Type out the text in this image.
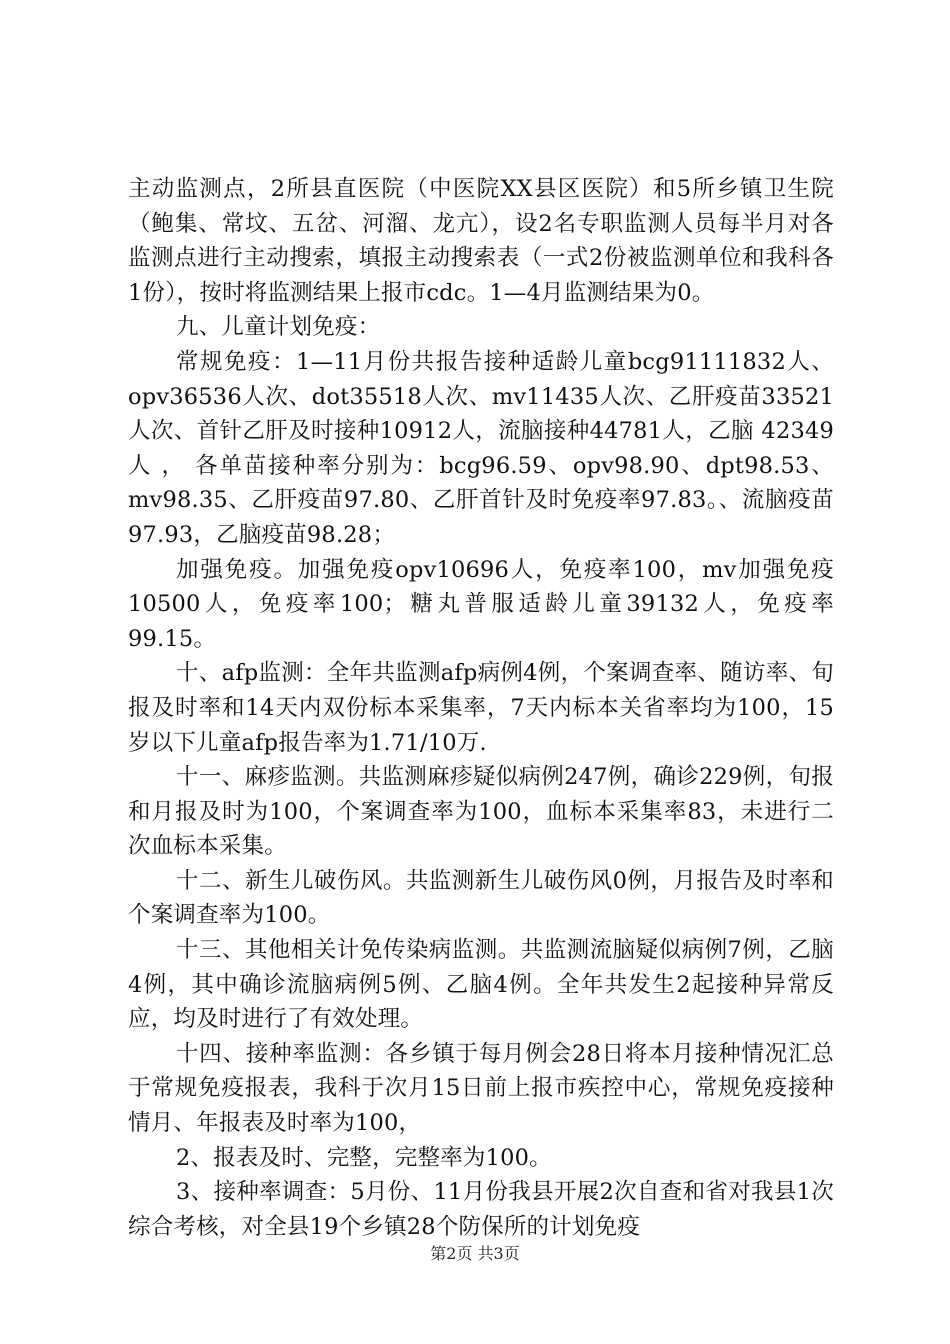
主动监测点，2所县直医院（中医院XX县区医院）和5所乡镇卫生院（鲍集、常坟、五岔、河溜、龙亢），设2名专职监测人员每半月对各监测点进行主动搜索，填报主动搜索表（一式2份被监测单位和我科各1份），按时将监测结果上报市cdc。1—4月监测结果为0。

九、儿童计划免疫：

常规免疫：1—11月份共报告接种适龄儿童bcg91111832人、opv36536人次、dot35518人次、mv11435人次、乙肝疫苗33521人次、首针乙肝及时接种10912人，流脑接种44781人，乙脑 42349 人 ， 各单苗接种率分别为：bcg96.59、opv98.90、dpt98.53、mv98.35、乙肝疫苗97.80、乙肝首针及时免疫率97.83。、流脑疫苗97.93，乙脑疫苗98.28；

加强免疫。加强免疫opv10696人，免疫率100，mv加强免疫10500人，免疫率100；糖丸普服适龄儿童39132人，免疫率99.15。

十、afp监测：全年共监测afp病例4例，个案调查率、随访率、旬报及时率和14天内双份标本采集率，7天内标本关省率均为100，15岁以下儿童afp报告率为1.71/10万.

十一、麻疹监测。共监测麻疹疑似病例247例，确诊229例，旬报和月报及时为100，个案调查率为100，血标本采集率83，未进行二次血标本采集。

十二、新生儿破伤风。共监测新生儿破伤风0例，月报告及时率和个案调查率为100。

十三、其他相关计免传染病监测。共监测流脑疑似病例7例，乙脑4例，其中确诊流脑病例5例、乙脑4例。全年共发生2起接种异常反应，均及时进行了有效处理。

十四、接种率监测：各乡镇于每月例会28日将本月接种情况汇总于常规免疫报表，我科于次月15日前上报市疾控中心，常规免疫接种情月、年报表及时率为100，

2、报表及时、完整，完整率为100。

3、接种率调查：5月份、11月份我县开展2次自查和省对我县1次综合考核，对全县19个乡镇28个防保所的计划免疫

第2页 共3页
